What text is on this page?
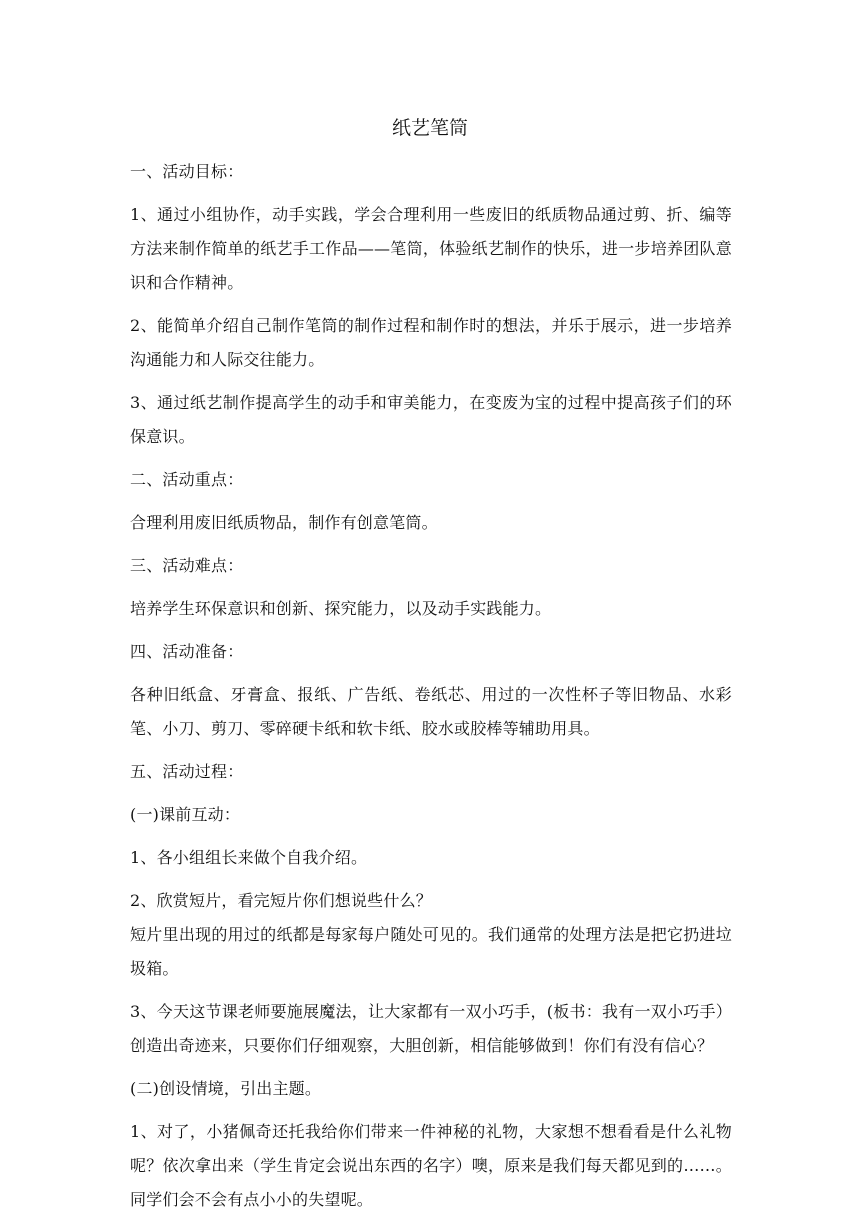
纸艺笔筒

一、活动目标：

1、通过小组协作，动手实践，学会合理利用一些废旧的纸质物品通过剪、折、编等方法来制作简单的纸艺手工作品——笔筒，体验纸艺制作的快乐，进一步培养团队意识和合作精神。

2、能简单介绍自己制作笔筒的制作过程和制作时的想法，并乐于展示，进一步培养沟通能力和人际交往能力。

3、通过纸艺制作提高学生的动手和审美能力，在变废为宝的过程中提高孩子们的环保意识。

二、活动重点：

合理利用废旧纸质物品，制作有创意笔筒。

三、活动难点：

培养学生环保意识和创新、探究能力，以及动手实践能力。

四、活动准备：

各种旧纸盒、牙膏盒、报纸、广告纸、卷纸芯、用过的一次性杯子等旧物品、水彩笔、小刀、剪刀、零碎硬卡纸和软卡纸、胶水或胶棒等辅助用具。

五、活动过程：

(一)课前互动：

1、各小组组长来做个自我介绍。

2、欣赏短片，看完短片你们想说些什么？

短片里出现的用过的纸都是每家每户随处可见的。我们通常的处理方法是把它扔进垃圾箱。

3、今天这节课老师要施展魔法，让大家都有一双小巧手，(板书：我有一双小巧手）创造出奇迹来，只要你们仔细观察，大胆创新，相信能够做到！你们有没有信心？

(二)创设情境，引出主题。

1、对了，小猪佩奇还托我给你们带来一件神秘的礼物，大家想不想看看是什么礼物呢？依次拿出来（学生肯定会说出东西的名字）噢，原来是我们每天都见到的……。同学们会不会有点小小的失望呢。
